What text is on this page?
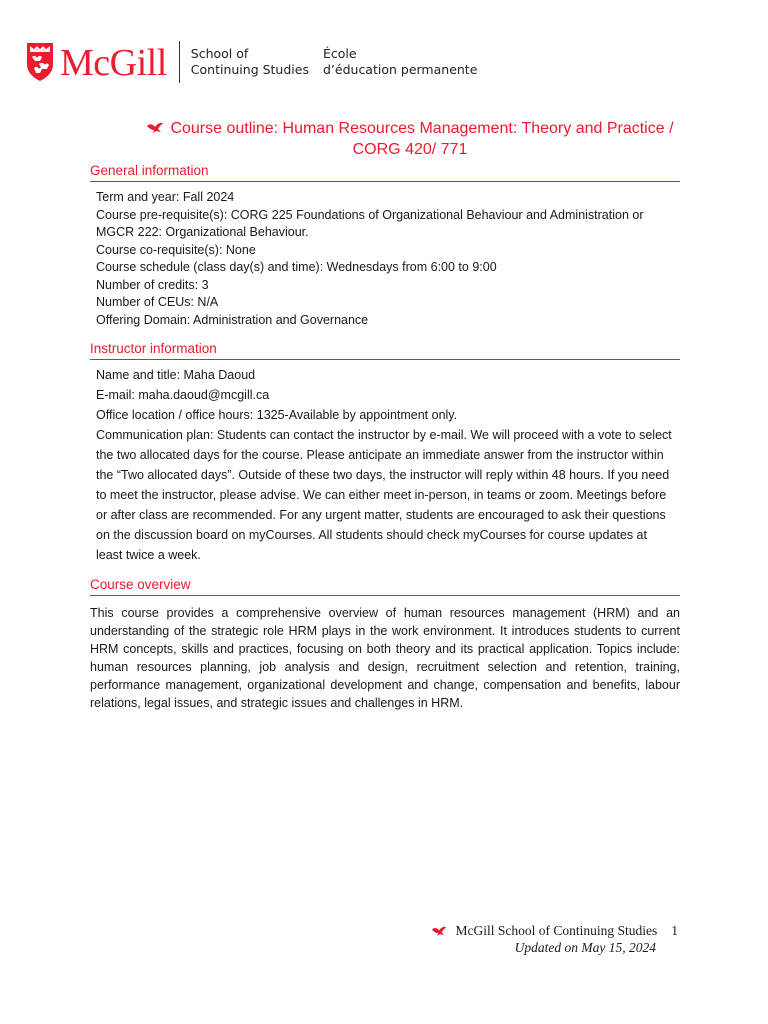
McGill School of
Continuing Studies
École
d’éducation permanente
Course outline: Human Resources Management: Theory and Practice /
CORG 420/ 771
General information
Term and year: Fall 2024
Course pre-requisite(s): CORG 225 Foundations of Organizational Behaviour and Administration or
MGCR 222: Organizational Behaviour.
Course co-requisite(s): None
Course schedule (class day(s) and time): Wednesdays from 6:00 to 9:00
Number of credits: 3
Number of CEUs: N/A
Offering Domain: Administration and Governance
Instructor information
Name and title: Maha Daoud
E-mail: maha.daoud@mcgill.ca
Office location / office hours: 1325-Available by appointment only.
Communication plan: Students can contact the instructor by e-mail. We will proceed with a vote to select the two allocated days for the course. Please anticipate an immediate answer from the instructor within the “Two allocated days”. Outside of these two days, the instructor will reply within 48 hours. If you need to meet the instructor, please advise. We can either meet in-person, in teams or zoom. Meetings before or after class are recommended. For any urgent matter, students are encouraged to ask their questions on the discussion board on myCourses. All students should check myCourses for course updates at least twice a week.
Course overview
This course provides a comprehensive overview of human resources management (HRM) and an understanding of the strategic role HRM plays in the work environment. It introduces students to current HRM concepts, skills and practices, focusing on both theory and its practical application. Topics include: human resources planning, job analysis and design, recruitment selection and retention, training, performance management, organizational development and change, compensation and benefits, labour relations, legal issues, and strategic issues and challenges in HRM.
McGill School of Continuing Studies 1
Updated on May 15, 2024
